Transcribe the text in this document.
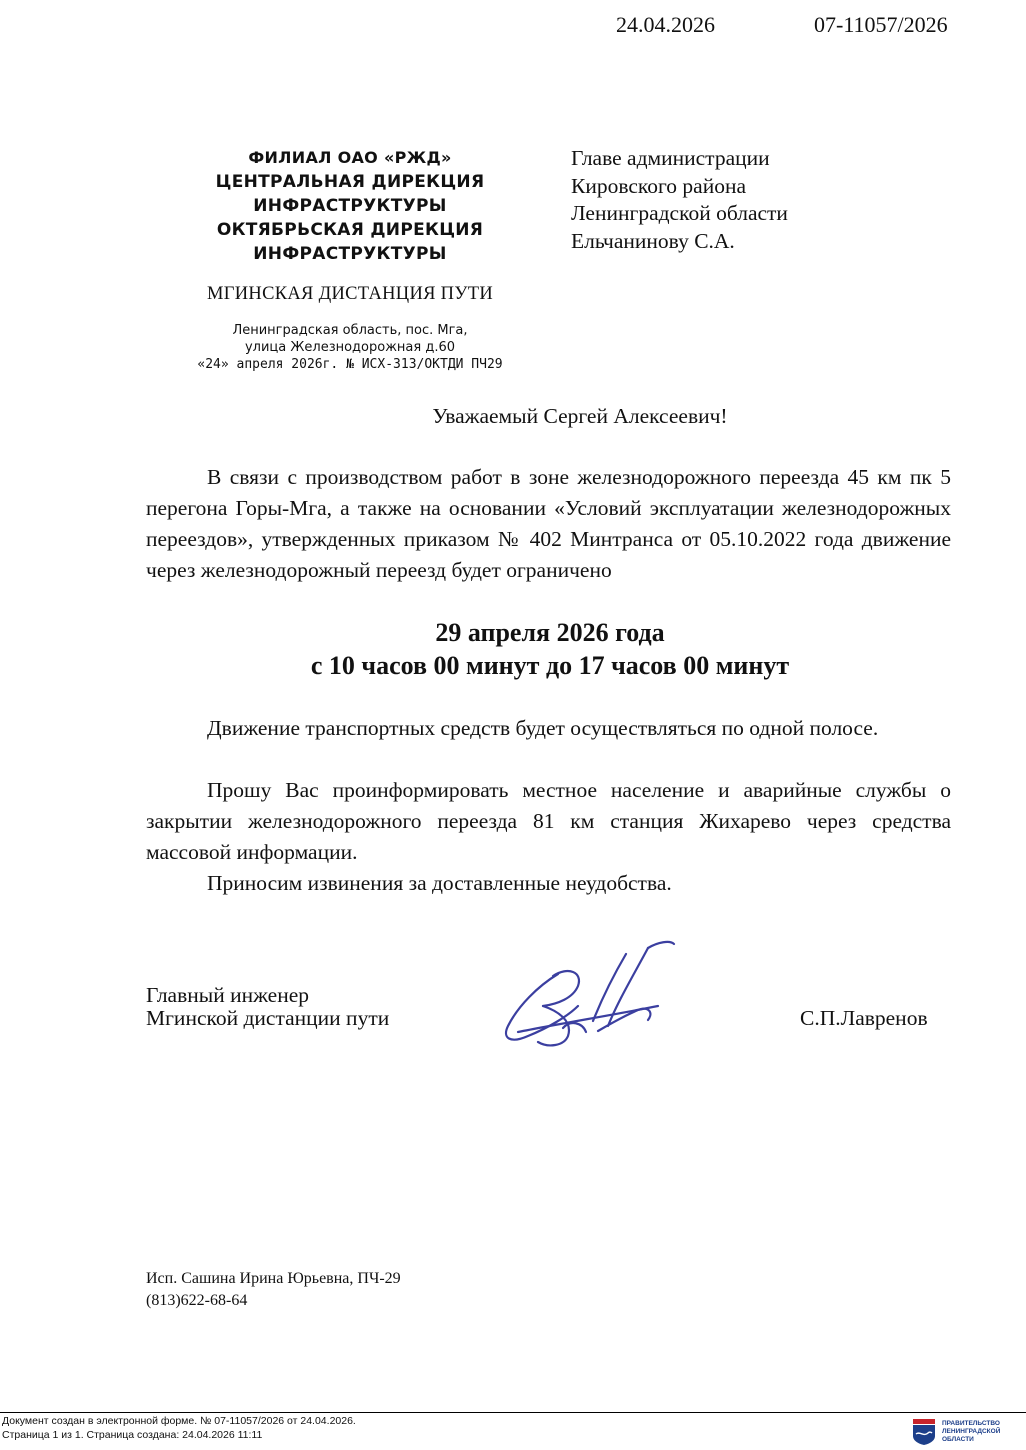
24.04.2026	07-11057/2026
ФИЛИАЛ ОАО «РЖД»
ЦЕНТРАЛЬНАЯ ДИРЕКЦИЯ
ИНФРАСТРУКТУРЫ
ОКТЯБРЬСКАЯ ДИРЕКЦИЯ
ИНФРАСТРУКТУРЫ
МГИНСКАЯ ДИСТАНЦИЯ ПУТИ
Ленинградская область, пос. Мга,
улица Железнодорожная д.60
«24» апреля 2026г. № ИСХ-313/ОКТДИ ПЧ29
Главе администрации
Кировского района
Ленинградской области
Ельчанинову С.А.
Уважаемый Сергей Алексеевич!
В связи с производством работ в зоне железнодорожного переезда 45 км пк 5 перегона Горы-Мга, а также на основании «Условий эксплуатации железнодорожных переездов», утвержденных приказом № 402 Минтранса от 05.10.2022 года движение через железнодорожный переезд будет ограничено
29 апреля 2026 года
с 10 часов 00 минут до 17 часов 00 минут
Движение транспортных средств будет осуществляться по одной полосе.
Прошу Вас проинформировать местное население и аварийные службы о закрытии железнодорожного переезда 81 км станция Жихарево через средства массовой информации.
Приносим извинения за доставленные неудобства.
Главный инженер
Мгинской дистанции пути	С.П.Лавренов
Исп. Сашина Ирина Юрьевна, ПЧ-29
(813)622-68-64
Документ создан в электронной форме. № 07-11057/2026 от 24.04.2026.
Страница 1 из 1. Страница создана: 24.04.2026 11:11
ПРАВИТЕЛЬСТВО
ЛЕНИНГРАДСКОЙ
ОБЛАСТИ
